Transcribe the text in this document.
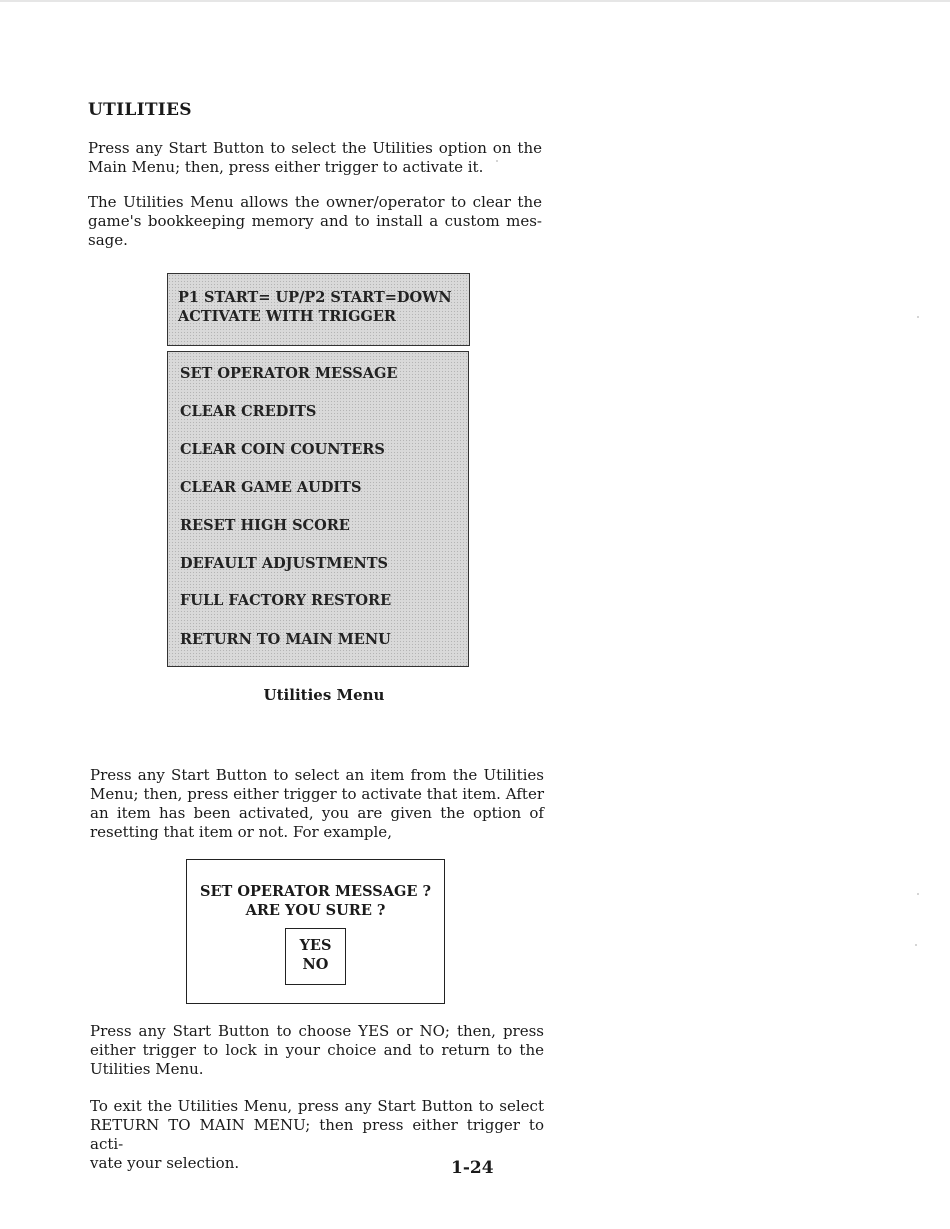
UTILITIES

Press any Start Button to select the Utilities option on the
Main Menu; then, press either trigger to activate it.

The Utilities Menu allows the owner/operator to clear the
game's bookkeeping memory and to install a custom mes-
sage.

P1 START= UP/P2 START=DOWN
ACTIVATE WITH TRIGGER
SET OPERATOR MESSAGE
CLEAR CREDITS
CLEAR COIN COUNTERS
CLEAR GAME AUDITS
RESET HIGH SCORE
DEFAULT ADJUSTMENTS
FULL FACTORY RESTORE
RETURN TO MAIN MENU

Utilities Menu

Press any Start Button to select an item from the Utilities
Menu; then, press either trigger to activate that item. After
an item has been activated, you are given the option of
resetting that item or not. For example,

SET OPERATOR MESSAGE ?
ARE YOU SURE ?
YES
NO

Press any Start Button to choose YES or NO; then, press
either trigger to lock in your choice and to return to the
Utilities Menu.

To exit the Utilities Menu, press any Start Button to select
RETURN TO MAIN MENU; then press either trigger to acti-
vate your selection.	1-24
